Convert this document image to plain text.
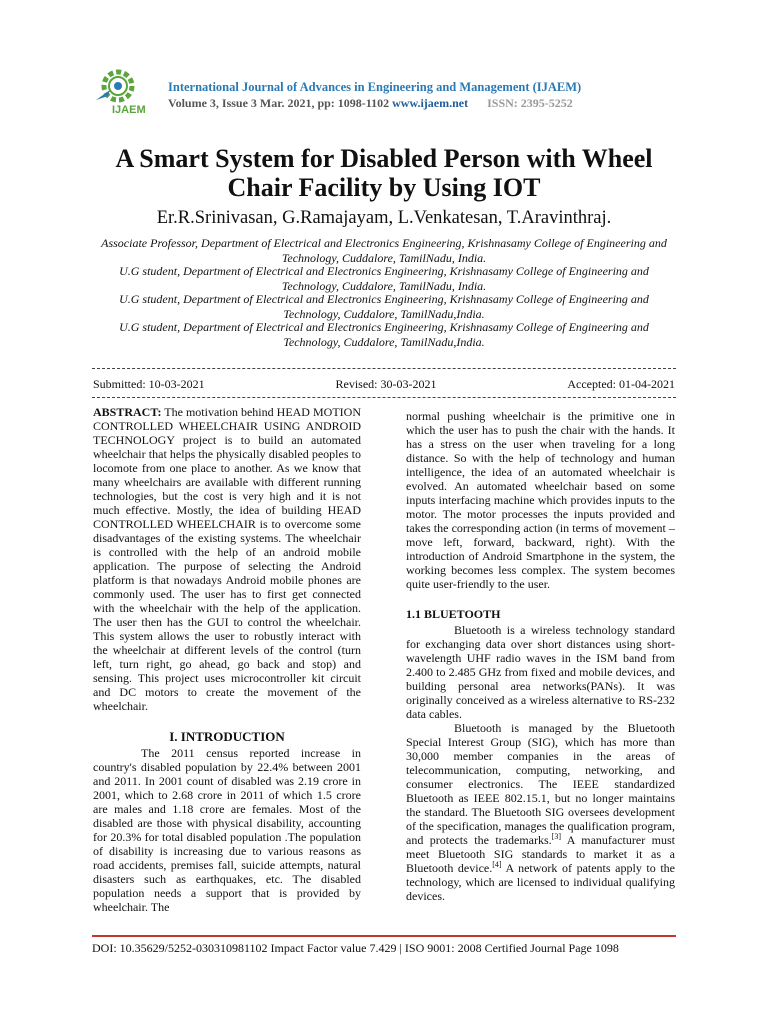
IJAEM
International Journal of Advances in Engineering and Management (IJAEM)
Volume 3, Issue 3 Mar. 2021, pp: 1098-1102 www.ijaem.net ISSN: 2395-5252
A Smart System for Disabled Person with Wheel Chair Facility by Using IOT
Er.R.Srinivasan, G.Ramajayam, L.Venkatesan, T.Aravinthraj.
Associate Professor, Department of Electrical and Electronics Engineering, Krishnasamy College of Engineering and Technology, Cuddalore, TamilNadu, India.
U.G student, Department of Electrical and Electronics Engineering, Krishnasamy College of Engineering and Technology, Cuddalore, TamilNadu, India.
U.G student, Department of Electrical and Electronics Engineering, Krishnasamy College of Engineering and Technology, Cuddalore, TamilNadu,India.
U.G student, Department of Electrical and Electronics Engineering, Krishnasamy College of Engineering and Technology, Cuddalore, TamilNadu,India.
Submitted: 10-03-2021	Revised: 30-03-2021	Accepted: 01-04-2021

ABSTRACT: The motivation behind HEAD MOTION CONTROLLED WHEELCHAIR USING ANDROID TECHNOLOGY project is to build an automated wheelchair that helps the physically disabled peoples to locomote from one place to another. As we know that many wheelchairs are available with different running technologies, but the cost is very high and it is not much effective. Mostly, the idea of building HEAD CONTROLLED WHEELCHAIR is to overcome some disadvantages of the existing systems. The wheelchair is controlled with the help of an android mobile application. The purpose of selecting the Android platform is that nowadays Android mobile phones are commonly used. The user has to first get connected with the wheelchair with the help of the application. The user then has the GUI to control the wheelchair. This system allows the user to robustly interact with the wheelchair at different levels of the control (turn left, turn right, go ahead, go back and stop) and sensing. This project uses microcontroller kit circuit and DC motors to create the movement of the wheelchair.

I. INTRODUCTION

The 2011 census reported increase in country's disabled population by 22.4% between 2001 and 2011. In 2001 count of disabled was 2.19 crore in 2001, which to 2.68 crore in 2011 of which 1.5 crore are males and 1.18 crore are females. Most of the disabled are those with physical disability, accounting for 20.3% for total disabled population .The population of disability is increasing due to various reasons as road accidents, premises fall, suicide attempts, natural disasters such as earthquakes, etc. The disabled population needs a support that is provided by wheelchair. The

normal pushing wheelchair is the primitive one in which the user has to push the chair with the hands. It has a stress on the user when traveling for a long distance. So with the help of technology and human intelligence, the idea of an automated wheelchair is evolved. An automated wheelchair based on some inputs interfacing machine which provides inputs to the motor. The motor processes the inputs provided and takes the corresponding action (in terms of movement – move left, forward, backward, right). With the introduction of Android Smartphone in the system, the working becomes less complex. The system becomes quite user-friendly to the user.

1.1 BLUETOOTH

Bluetooth is a wireless technology standard for exchanging data over short distances using short-wavelength UHF radio waves in the ISM band from 2.400 to 2.485 GHz from fixed and mobile devices, and building personal area networks(PANs). It was originally conceived as a wireless alternative to RS-232 data cables.

Bluetooth is managed by the Bluetooth Special Interest Group (SIG), which has more than 30,000 member companies in the areas of telecommunication, computing, networking, and consumer electronics. The IEEE standardized Bluetooth as IEEE 802.15.1, but no longer maintains the standard. The Bluetooth SIG oversees development of the specification, manages the qualification program, and protects the trademarks.[3] A manufacturer must meet Bluetooth SIG standards to market it as a Bluetooth device.[4] A network of patents apply to the technology, which are licensed to individual qualifying devices.

DOI: 10.35629/5252-030310981102 Impact Factor value 7.429 | ISO 9001: 2008 Certified Journal Page 1098
